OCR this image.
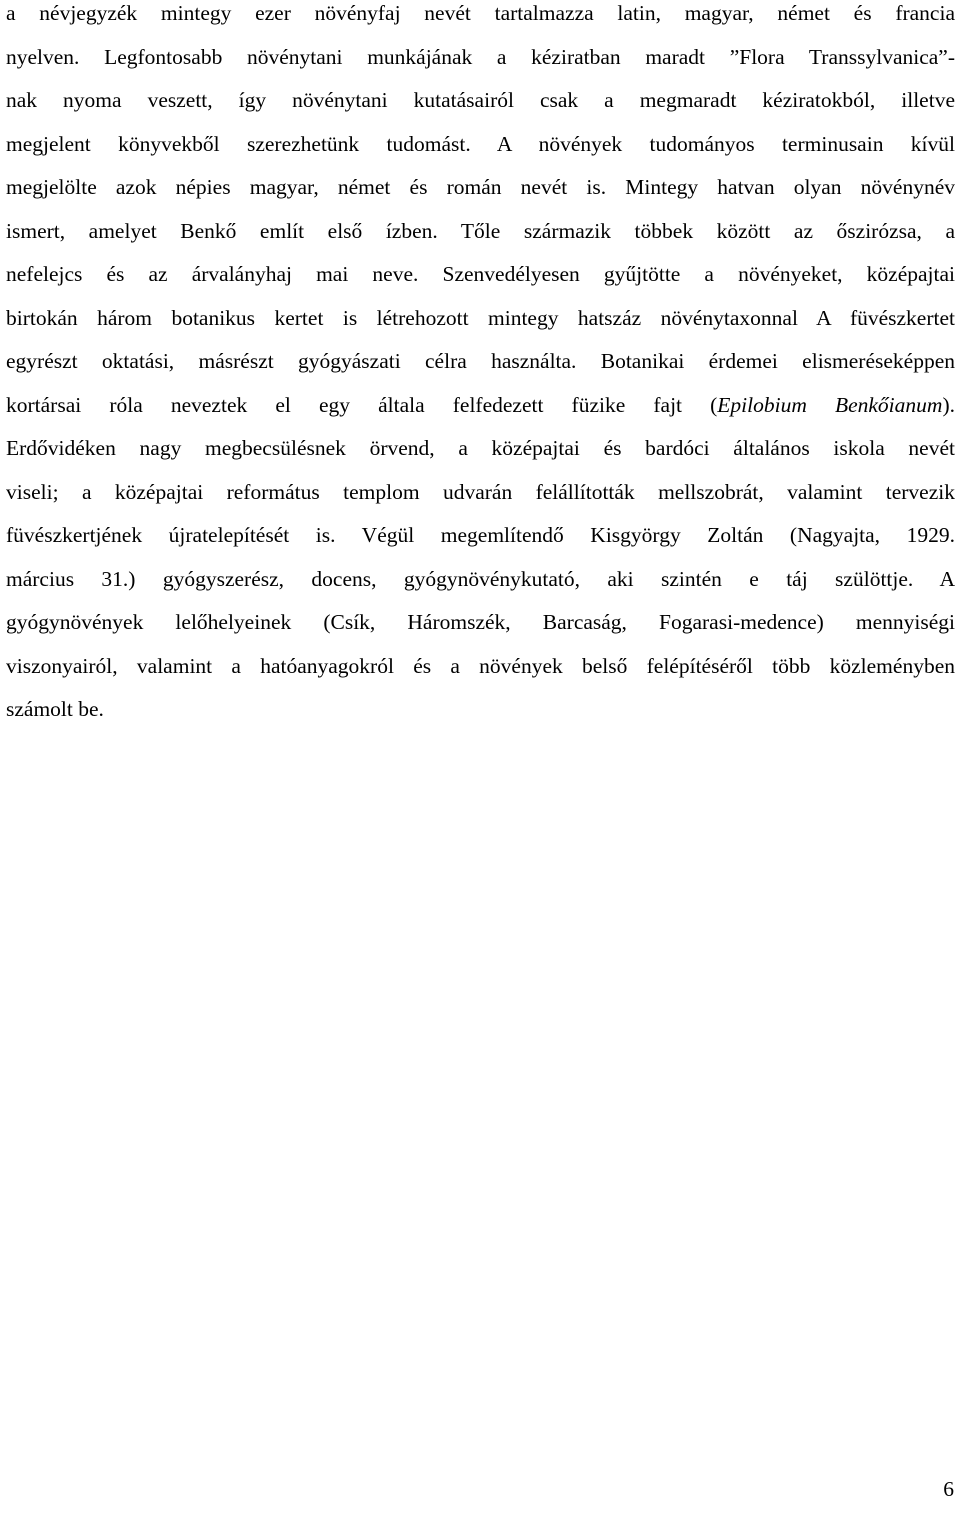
a névjegyzék mintegy ezer növényfaj nevét tartalmazza latin, magyar, német és francia
nyelven. Legfontosabb növénytani munkájának a kéziratban maradt ”Flora Transsylvanica”-
nak nyoma veszett, így növénytani kutatásairól csak a megmaradt kéziratokból, illetve
megjelent könyvekből szerezhetünk tudomást. A növények tudományos terminusain kívül
megjelölte azok népies magyar, német és román nevét is. Mintegy hatvan olyan növénynév
ismert, amelyet Benkő említ első ízben. Tőle származik többek között az őszirózsa, a
nefelejcs és az árvalányhaj mai neve. Szenvedélyesen gyűjtötte a növényeket, középajtai
birtokán három botanikus kertet is létrehozott mintegy hatszáz növénytaxonnal A füvészkertet
egyrészt oktatási, másrészt gyógyászati célra használta. Botanikai érdemei elismeréseképpen
kortársai róla neveztek el egy általa felfedezett füzike fajt (Epilobium Benkőianum).
Erdővidéken nagy megbecsülésnek örvend, a középajtai és bardóci általános iskola nevét
viseli; a középajtai református templom udvarán felállították mellszobrát, valamint tervezik
füvészkertjének újratelepítését is. Végül megemlítendő Kisgyörgy Zoltán (Nagyajta, 1929.
március 31.) gyógyszerész, docens, gyógynövénykutató, aki szintén e táj szülöttje. A
gyógynövények lelőhelyeinek (Csík, Háromszék, Barcaság, Fogarasi-medence) mennyiségi
viszonyairól, valamint a hatóanyagokról és a növények belső felépítéséről több közleményben
számolt be.
6
